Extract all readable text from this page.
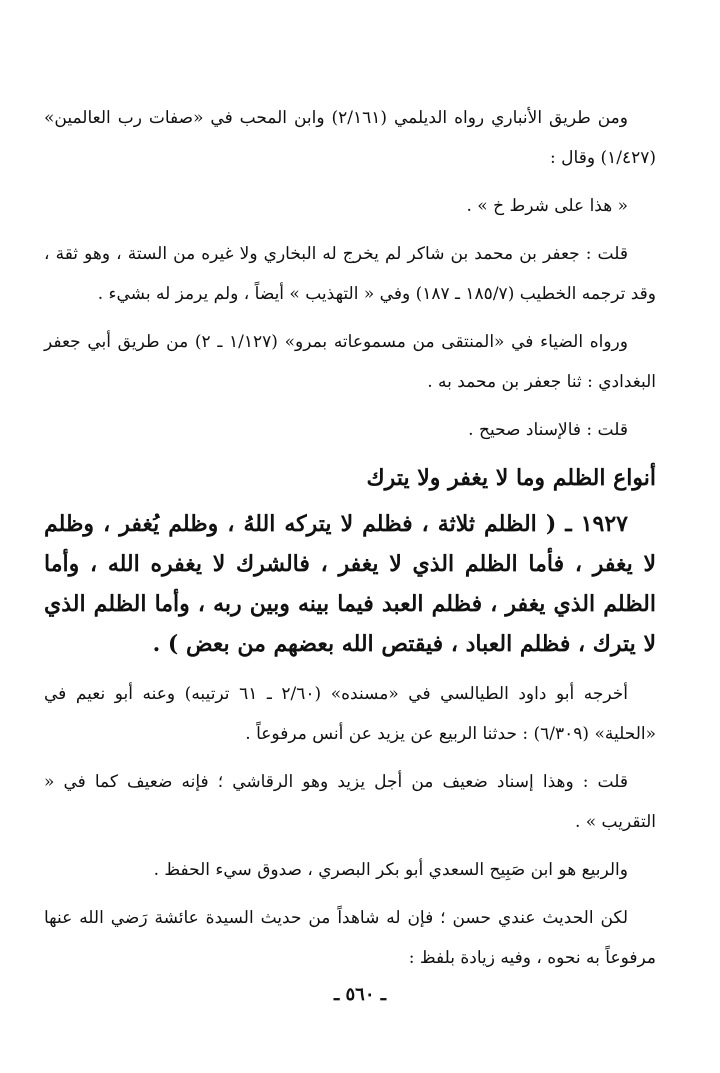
ومن طريق الأنباري رواه الديلمي (٢/١٦١) وابن المحب في «صفات رب العالمين» (١/٤٢٧) وقال :

« هذا على شرط خ » .

قلت : جعفر بن محمد بن شاكر لم يخرج له البخاري ولا غيره من الستة ، وهو ثقة ، وقد ترجمه الخطيب (١٨٥/٧ ـ ١٨٧) وفي « التهذيب » أيضاً ، ولم يرمز له بشيء .

ورواه الضياء في «المنتقى من مسموعاته بمرو» (١/١٢٧ ـ ٢) من طريق أبي جعفر البغدادي : ثنا جعفر بن محمد به .

قلت : فالإسناد صحيح .

أنواع الظلم وما لا يغفر ولا يترك

١٩٢٧ ـ ( الظلم ثلاثة ، فظلم لا يتركه اللهُ ، وظلم يُغفر ، وظلم لا يغفر ، فأما الظلم الذي لا يغفر ، فالشرك لا يغفره الله ، وأما الظلم الذي يغفر ، فظلم العبد فيما بينه وبين ربه ، وأما الظلم الذي لا يترك ، فظلم العباد ، فيقتص الله بعضهم من بعض ) .

أخرجه أبو داود الطيالسي في «مسنده» (٢/٦٠ ـ ٦١ ترتيبه) وعنه أبو نعيم في «الحلية» (٦/٣٠٩) : حدثنا الربيع عن يزيد عن أنس مرفوعاً .

قلت : وهذا إسناد ضعيف من أجل يزيد وهو الرقاشي ؛ فإنه ضعيف كما في « التقريب » .

والربيع هو ابن صَبِيح السعدي أبو بكر البصري ، صدوق سيء الحفظ .

لكن الحديث عندي حسن ؛ فإن له شاهداً من حديث السيدة عائشة رَضي الله عنها مرفوعاً به نحوه ، وفيه زيادة بلفظ :

ـ ٥٦٠ ـ
